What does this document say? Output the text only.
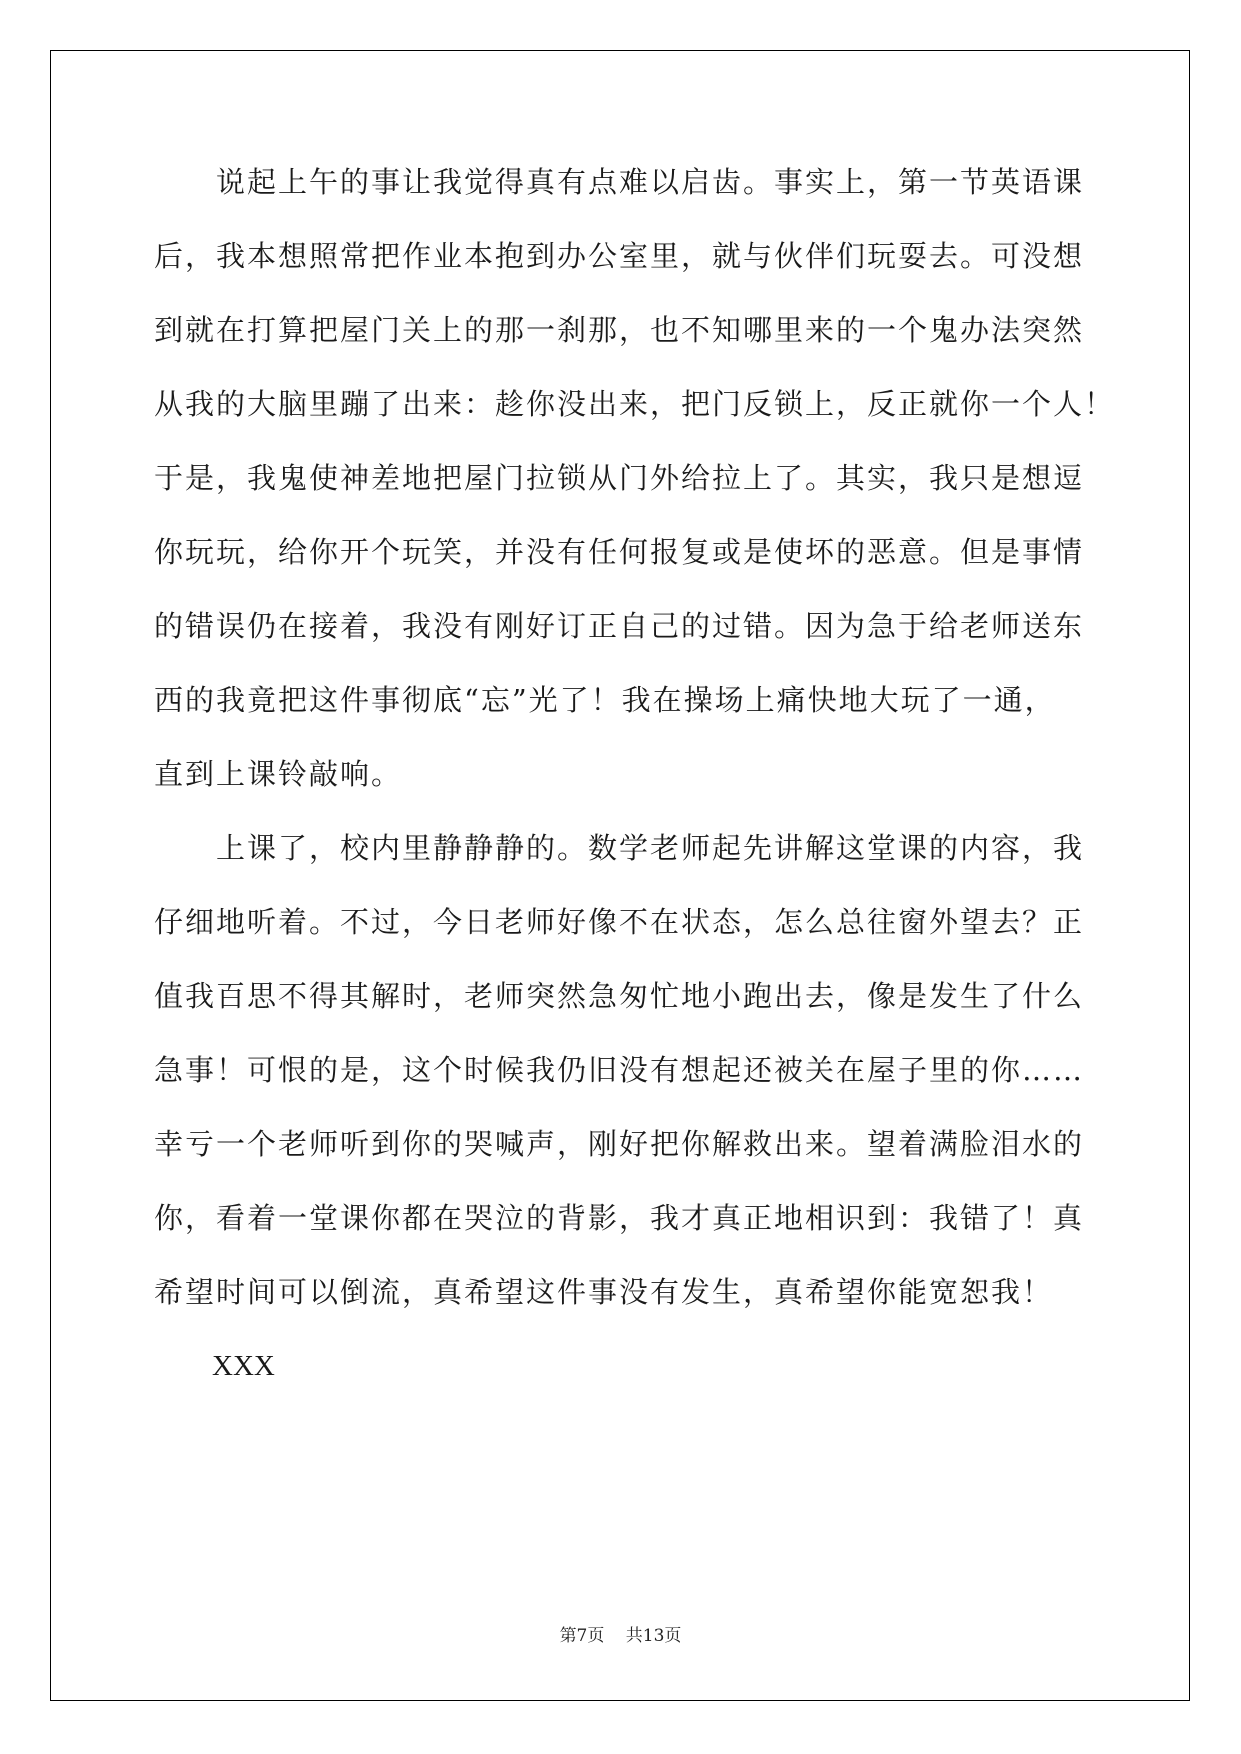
说起上午的事让我觉得真有点难以启齿。事实上，第一节英语课
后，我本想照常把作业本抱到办公室里，就与伙伴们玩耍去。可没想
到就在打算把屋门关上的那一刹那，也不知哪里来的一个鬼办法突然
从我的大脑里蹦了出来：趁你没出来，把门反锁上，反正就你一个人！
于是，我鬼使神差地把屋门拉锁从门外给拉上了。其实，我只是想逗
你玩玩，给你开个玩笑，并没有任何报复或是使坏的恶意。但是事情
的错误仍在接着，我没有刚好订正自己的过错。因为急于给老师送东
西的我竟把这件事彻底“忘”光了！我在操场上痛快地大玩了一通，
直到上课铃敲响。
上课了，校内里静静静的。数学老师起先讲解这堂课的内容，我
仔细地听着。不过，今日老师好像不在状态，怎么总往窗外望去？正
值我百思不得其解时，老师突然急匆忙地小跑出去，像是发生了什么
急事！可恨的是，这个时候我仍旧没有想起还被关在屋子里的你……
幸亏一个老师听到你的哭喊声，刚好把你解救出来。望着满脸泪水的
你，看着一堂课你都在哭泣的背影，我才真正地相识到：我错了！真
希望时间可以倒流，真希望这件事没有发生，真希望你能宽恕我！
XXX
第7页 共13页
